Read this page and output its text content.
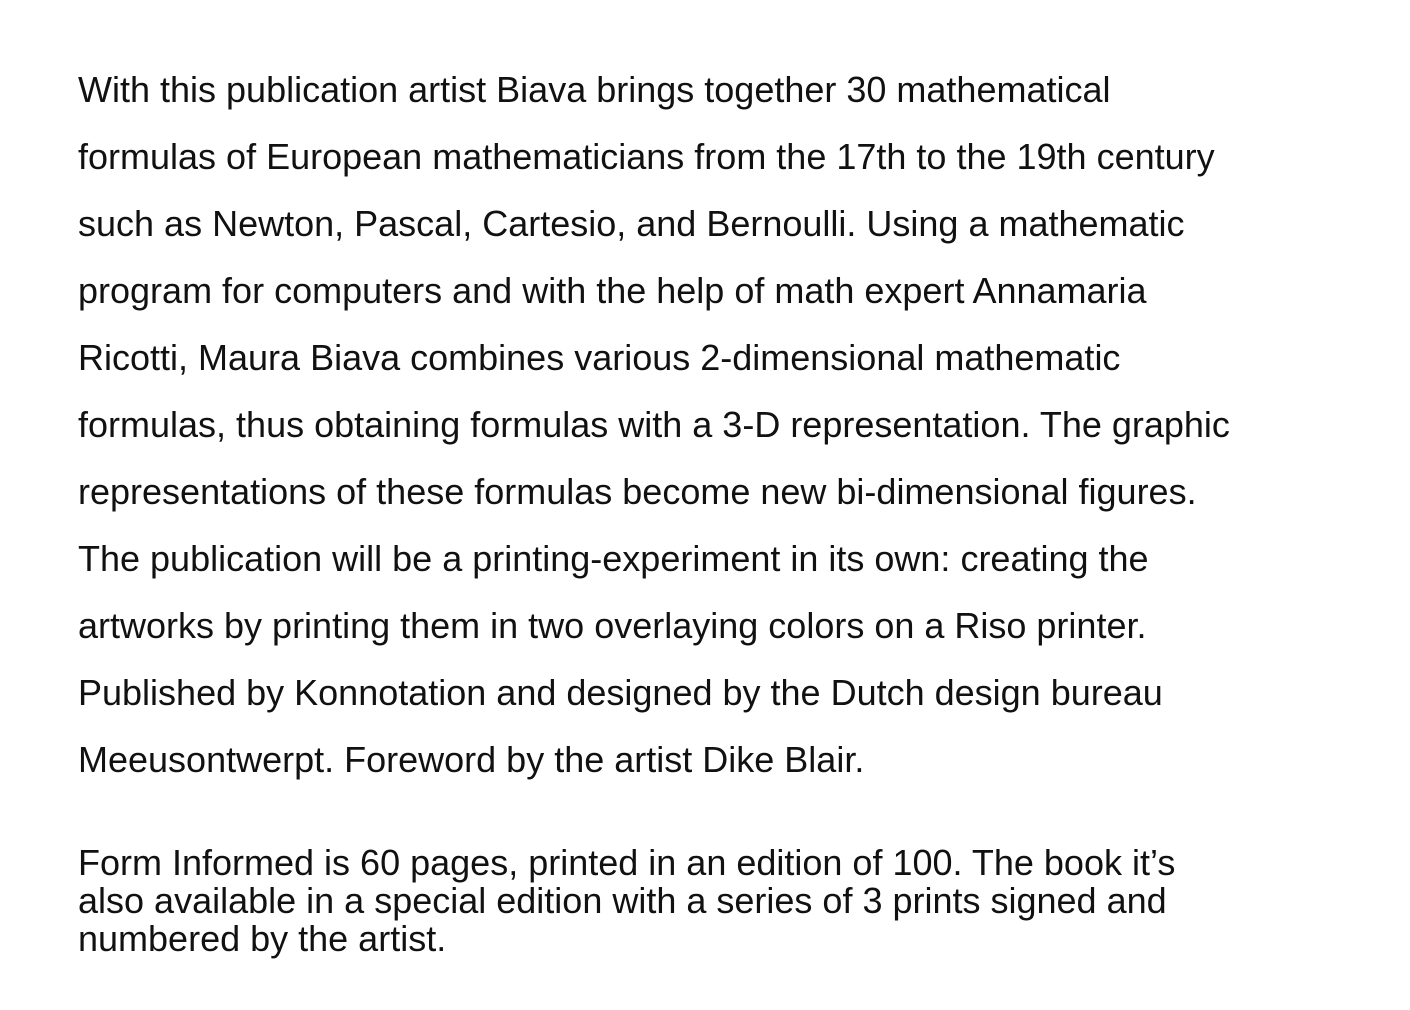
With this publication artist Biava brings together 30 mathematical

formulas of European mathematicians from the 17th to the 19th century

such as Newton, Pascal, Cartesio, and Bernoulli. Using a mathematic

program for computers and with the help of math expert Annamaria

Ricotti, Maura Biava combines various 2-dimensional mathematic

formulas, thus obtaining formulas with a 3-D representation. The graphic

representations of these formulas become new bi-dimensional figures.

The publication will be a printing-experiment in its own: creating the

artworks by printing them in two overlaying colors on a Riso printer.

Published by Konnotation and designed by the Dutch design bureau

Meeusontwerpt. Foreword by the artist Dike Blair.

Form Informed is 60 pages, printed in an edition of 100. The book it’s

also available in a special edition with a series of 3 prints signed and

numbered by the artist.
